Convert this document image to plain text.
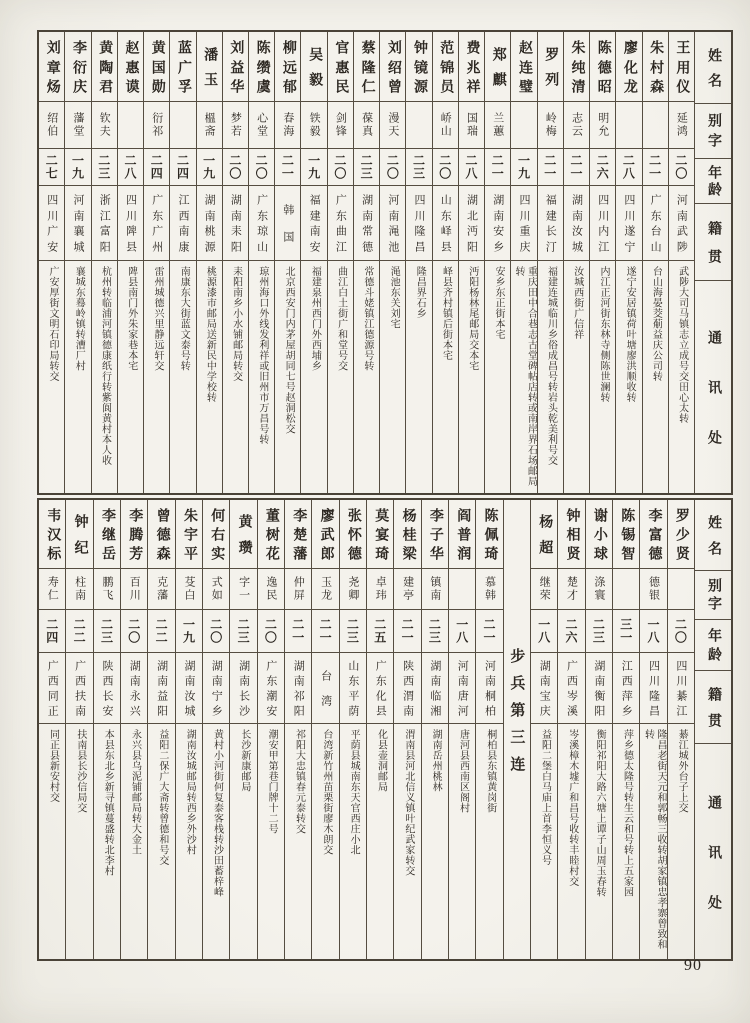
姓
名
别
字
年
龄
籍
贯
通
讯
处
王
用
仪
延鸿
二〇
河
南
武
陟
武陟大司马镇志立成号交田心太转
朱
村
森
二一
广
东
台
山
台山海晏茭葪益庆公司转
廖
化
龙
二八
四
川
遂
宁
遂宁安居镇荷叶塘廖洪顺收转
陈
德
昭
明允
二六
四
川
内
江
内江正河街东林寺侧陈世澜转
朱
纯
清
志云
二一
湖
南
汝
城
汝城西街广信祥
罗
列
岭梅
二一
福
建
长
汀
福建连城临川乡俗成昌号转岩头乾美利号交
赵
连
璧
一九
四
川
重
庆
重庆田中合巷志古堂碑帖店转或南岸界石场邮局转
郑
麒
兰蕙
二一
湖
南
安
乡
安乡东正街本宅
费
兆
祥
国瑞
二八
湖
北
沔
阳
沔阳杨林尾邮局交本宅
范
锦
员
峤山
二〇
山
东
峄
县
峄县齐村镇后街本宅
钟
镜
源
二三
四
川
隆
昌
隆昌界石乡
刘
绍
曾
漫天
二〇
河
南
渑
池
渑池东关刘宅
蔡
隆
仁
葆真
二三
湖
南
常
德
常德斗姥镇江德源号转
官
惠
民
剑锋
二〇
广
东
曲
江
曲江白土街广和堂号交
吴
毅
铁毅
一九
福
建
南
安
福建泉州西门外西埔乡
柳
远
郁
春海
二一
韩
国
北京西安门内茅屋胡同七号赵洞松交
陈
缵
虞
心堂
二〇
广
东
琼
山
琼州海口外线发利祥或旧州市万昌号转
刘
益
华
梦若
二〇
湖
南
耒
阳
耒阳南乡小水铺邮局转交
潘
玉
榲斋
一九
湖
南
桃
源
桃源漆市邮局送新民中学校转
蓝
广
孚
二四
江
西
南
康
南康东大街蓝文泰号转
黄
国
勋
衍祁
二四
广
东
广
州
雷州城德兴里静远轩交
赵
惠
谟
二八
四
川
陴
县
陴县南门外朱家巷本宅
黄
陶
君
钦夫
二三
浙
江
富
阳
杭州转临浦河镇德康纸行转紫阆黄村本人收
李
衍
庆
藩堂
一九
河
南
襄
城
襄城东蓦岭镇转漕厂村
刘
章
炀
绍伯
二七
四
川
广
安
广安厚街文明石印局转交
姓
名
别
字
年
龄
籍
贯
通
讯
处
罗
少
贤
二〇
四
川
綦
江
綦江城外台子上交
李
富
德
德银
一八
四
川
隆
昌
隆昌老街天元和郭畅三收转胡家镇忠孝寨曾致和转
陈
锡
智
三一
江
西
萍
乡
萍乡德太隆号转生云和号转上五家园
谢
小
球
涤寰
二三
湖
南
衡
阳
衡阳祁阳大路六塘上谭子山周玉春转
钟
相
贤
楚才
二六
广
西
岑
溪
岑溪樟木墟广和昌号收转丰睦村交
杨
超
继荣
一八
湖
南
宝
庆
益阳二堡白马庙上首李恒义号
步兵第三连
陈
佩
琦
慕韩
二一
河
南
桐
柏
桐柏县东镇黄岗街
阎
普
润
一八
河
南
唐
河
唐河县西南区阁村
李
子
华
镇南
二三
湖
南
临
湘
湖南岳州桃林
杨
桂
梁
建亭
二一
陕
西
渭
南
渭南县河北信义镇叶纪武家转交
莫
宴
琦
卓玮
二五
广
东
化
县
化县壶洞邮局
张
怀
德
尧卿
二三
山
东
平
荫
平荫县城南东天官西庄小北
廖
武
郎
玉龙
二一
台
湾
台湾新竹州苗栗街廖木朗交
李
楚
藩
仲屏
二一
湖
南
祁
阳
祁阳大忠镇春元泰转交
董
树
花
逸民
二〇
广
东
潮
安
潮安甲第巷门牌十二号
黄
瓒
字一
二三
湖
南
长
沙
长沙新康邮局
何
右
实
式如
二〇
湖
南
宁
乡
黄村小河街何复泰客栈转沙田蓄梓峰
朱
宇
平
芟白
一九
湖
南
汝
城
湖南汝城邮局转西乡外沙村
曾
德
森
克藩
二二
湖
南
益
阳
益阳二保广大斋转曾德和号交
李
腾
芳
百川
二〇
湖
南
永
兴
永兴县乌泥铺邮局转大金土
李
继
岳
鹏飞
二三
陕
西
长
安
本县东北乡新寻镇蔓盛转北李村
钟
纪
柱南
二二
广
西
扶
南
扶南县长沙信局交
韦
汉
标
寿仁
二四
广
西
同
正
同正县新安村交
90
